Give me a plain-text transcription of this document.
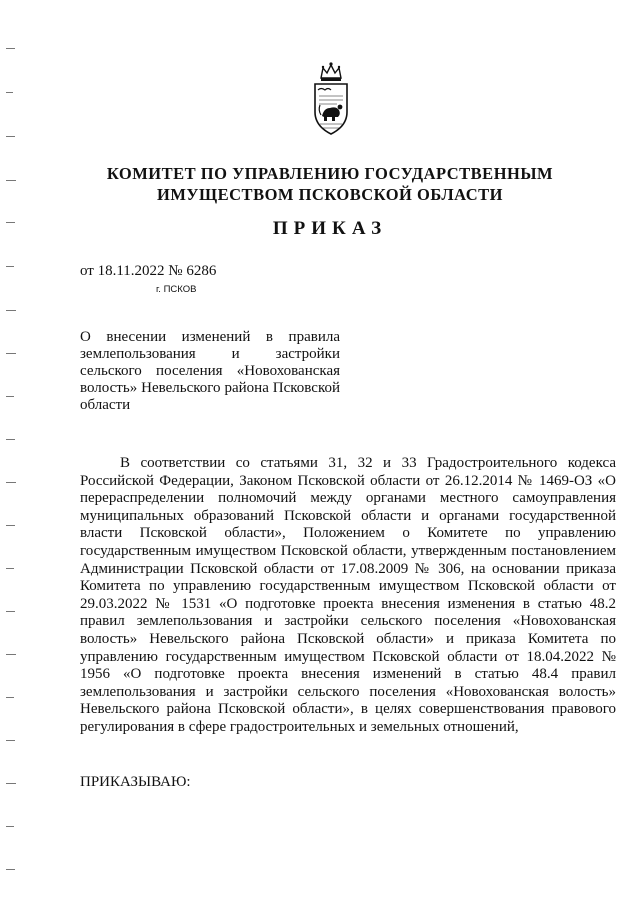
КОМИТЕТ ПО УПРАВЛЕНИЮ ГОСУДАРСТВЕННЫМ
ИМУЩЕСТВОМ ПСКОВСКОЙ ОБЛАСТИ
ПРИКАЗ
от 18.11.2022 № 6286
г. ПСКОВ
О внесении изменений в правила землепользования и застройки сельского поселения «Новохованская волость» Невельского района Псковской области
В соответствии со статьями 31, 32 и 33 Градостроительного кодекса Российской Федерации, Законом Псковской области от 26.12.2014 № 1469-ОЗ «О перераспределении полномочий между органами местного самоуправления муниципальных образований Псковской области и органами государственной власти Псковской области», Положением о Комитете по управлению государственным имуществом Псковской области, утвержденным постановлением Администрации Псковской области от 17.08.2009 № 306, на основании приказа Комитета по управлению государственным имуществом Псковской области от 29.03.2022 № 1531 «О подготовке проекта внесения изменения в статью 48.2 правил землепользования и застройки сельского поселения «Новохованская волость» Невельского района Псковской области» и приказа Комитета по управлению государственным имуществом Псковской области от 18.04.2022 № 1956 «О подготовке проекта внесения изменений в статью 48.4 правил землепользования и застройки сельского поселения «Новохованская волость» Невельского района Псковской области», в целях совершенствования правового регулирования в сфере градостроительных и земельных отношений,
ПРИКАЗЫВАЮ:
